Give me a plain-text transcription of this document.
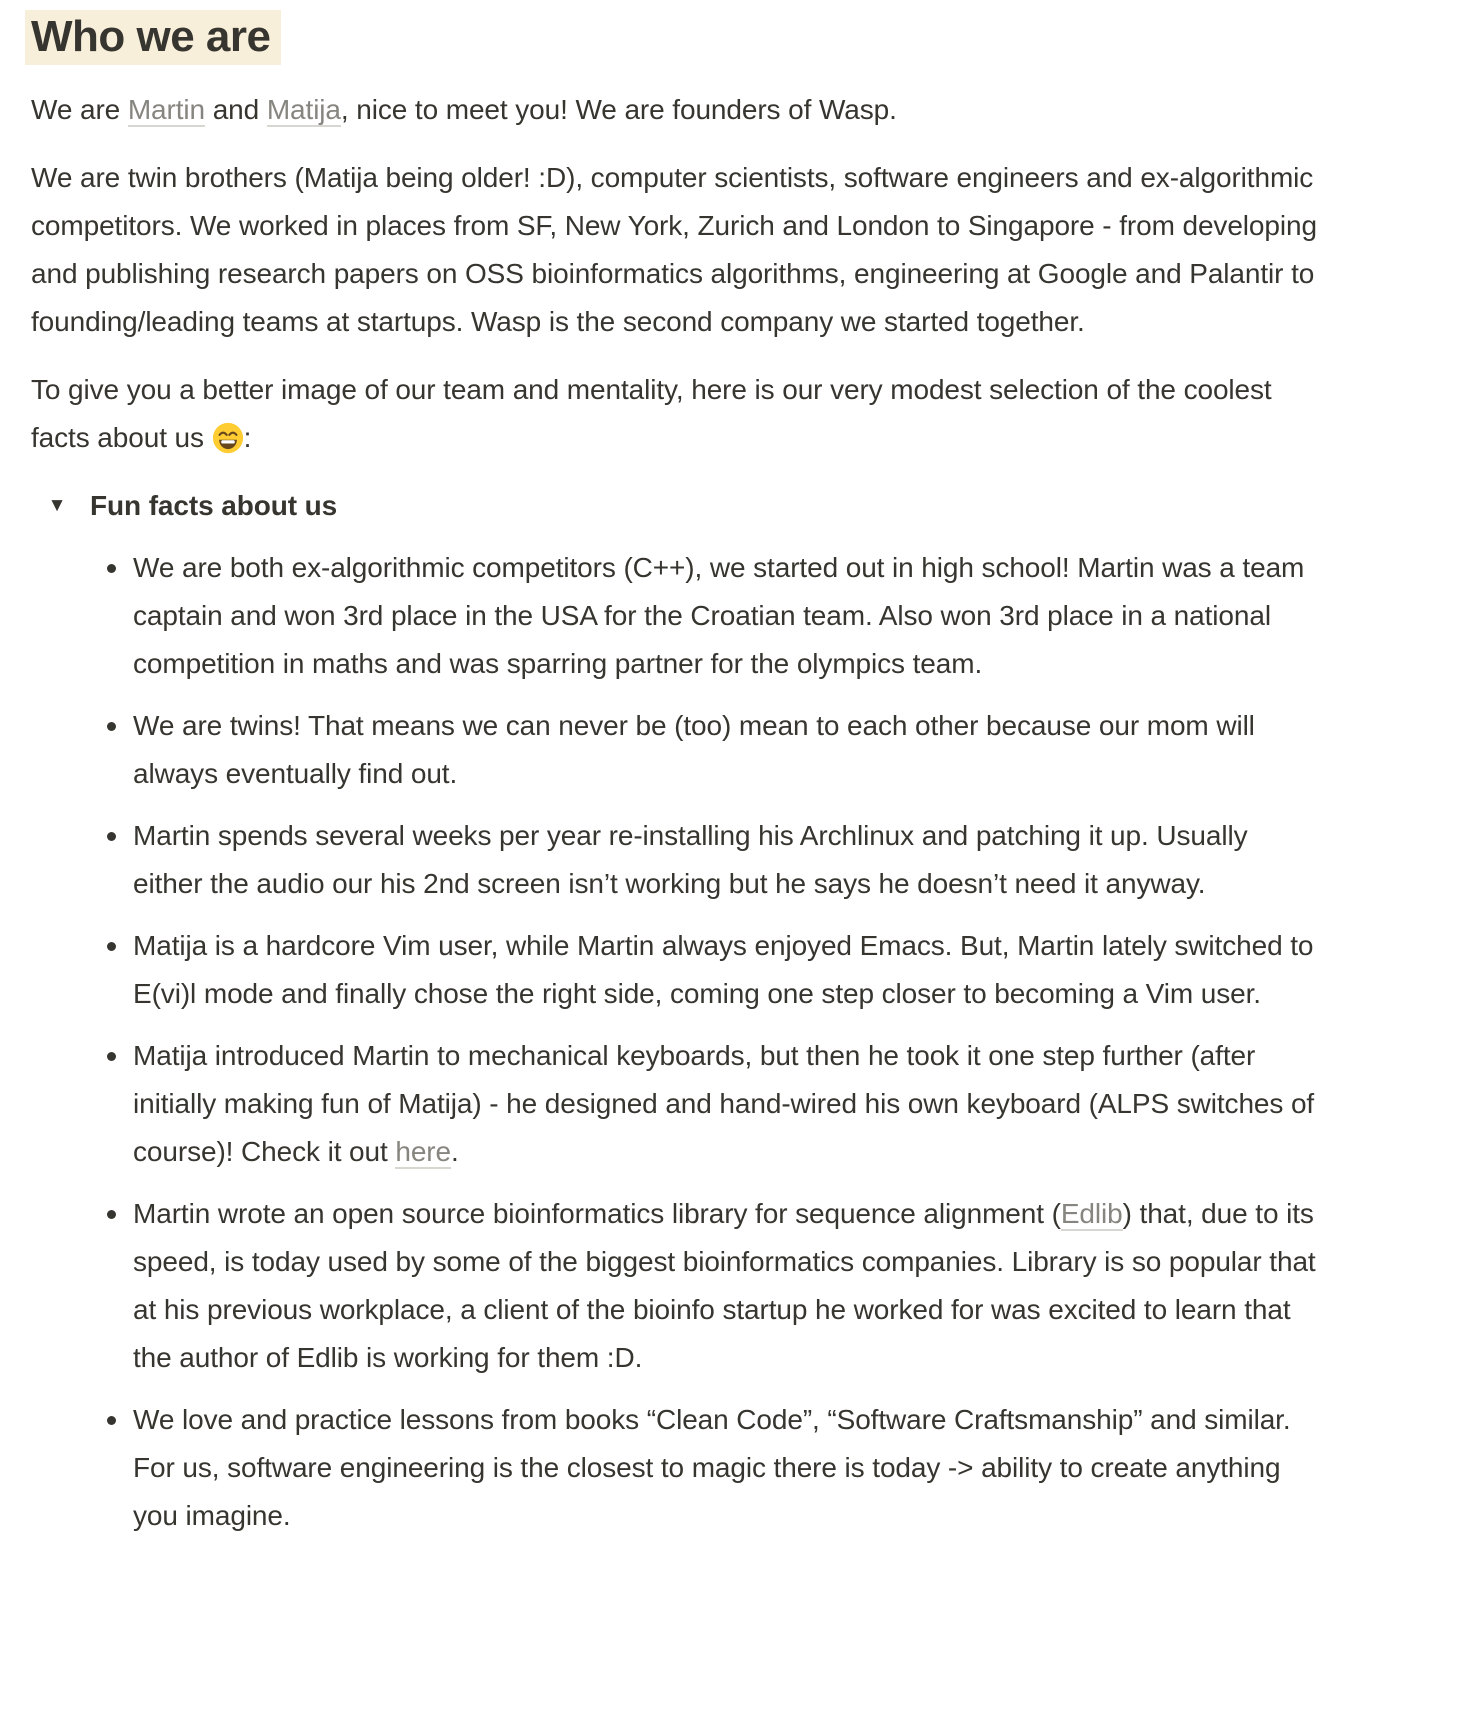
Who we are

We are Martin and Matija, nice to meet you! We are founders of Wasp.

We are twin brothers (Matija being older! :D), computer scientists, software engineers and ex-algorithmic competitors. We worked in places from SF, New York, Zurich and London to Singapore - from developing and publishing research papers on OSS bioinformatics algorithms, engineering at Google and Palantir to founding/leading teams at startups. Wasp is the second company we started together.

To give you a better image of our team and mentality, here is our very modest selection of the coolest facts about us :

▼ Fun facts about us
We are both ex-algorithmic competitors (C++), we started out in high school! Martin was a team captain and won 3rd place in the USA for the Croatian team. Also won 3rd place in a national competition in maths and was sparring partner for the olympics team.
We are twins! That means we can never be (too) mean to each other because our mom will always eventually find out.
Martin spends several weeks per year re-installing his Archlinux and patching it up. Usually either the audio our his 2nd screen isn’t working but he says he doesn’t need it anyway.
Matija is a hardcore Vim user, while Martin always enjoyed Emacs. But, Martin lately switched to E(vi)l mode and finally chose the right side, coming one step closer to becoming a Vim user.
Matija introduced Martin to mechanical keyboards, but then he took it one step further (after initially making fun of Matija) - he designed and hand-wired his own keyboard (ALPS switches of course)! Check it out here.
Martin wrote an open source bioinformatics library for sequence alignment (Edlib) that, due to its speed, is today used by some of the biggest bioinformatics companies. Library is so popular that at his previous workplace, a client of the bioinfo startup he worked for was excited to learn that the author of Edlib is working for them :D.
We love and practice lessons from books “Clean Code”, “Software Craftsmanship” and similar. For us, software engineering is the closest to magic there is today -> ability to create anything you imagine.
